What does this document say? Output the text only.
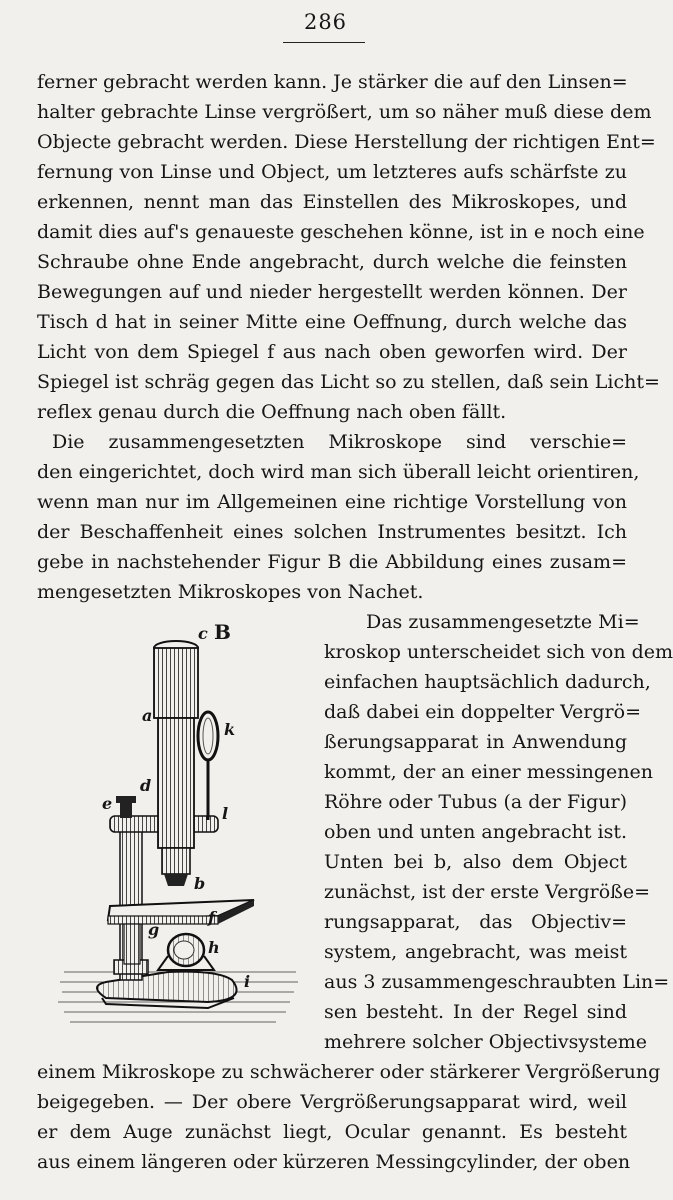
286

ferner gebracht werden kann. Je stärker die auf den Linsen=

halter gebrachte Linse vergrößert, um so näher muß diese dem

Objecte gebracht werden. Diese Herstellung der richtigen Ent=

fernung von Linse und Object, um letzteres aufs schärfste zu

erkennen, nennt man das Einstellen des Mikroskopes, und

damit dies auf's genaueste geschehen könne, ist in e noch eine

Schraube ohne Ende angebracht, durch welche die feinsten

Bewegungen auf und nieder hergestellt werden können. Der

Tisch d hat in seiner Mitte eine Oeffnung, durch welche das

Licht von dem Spiegel f aus nach oben geworfen wird. Der

Spiegel ist schräg gegen das Licht so zu stellen, daß sein Licht=

reflex genau durch die Oeffnung nach oben fällt.

Die zusammengesetzten Mikroskope sind verschie=

den eingerichtet, doch wird man sich überall leicht orientiren,

wenn man nur im Allgemeinen eine richtige Vorstellung von

der Beschaffenheit eines solchen Instrumentes besitzt. Ich

gebe in nachstehender Figur B die Abbildung eines zusam=

mengesetzten Mikroskopes von Nachet.

Das zusammengesetzte Mi=

kroskop unterscheidet sich von dem

einfachen hauptsächlich dadurch,

daß dabei ein doppelter Vergrö=

ßerungsapparat in Anwendung

kommt, der an einer messingenen

Röhre oder Tubus (a der Figur)

oben und unten angebracht ist.

Unten bei b, also dem Object

zunächst, ist der erste Vergröße=

rungsapparat, das Objectiv=

system, angebracht, was meist

aus 3 zusammengeschraubten Lin=

sen besteht. In der Regel sind

mehrere solcher Objectivsysteme

einem Mikroskope zu schwächerer oder stärkerer Vergrößerung

beigegeben. — Der obere Vergrößerungsapparat wird, weil

er dem Auge zunächst liegt, Ocular genannt. Es besteht

aus einem längeren oder kürzeren Messingcylinder, der oben

c B
a
k
d
e
l
b
f
g
h
i
